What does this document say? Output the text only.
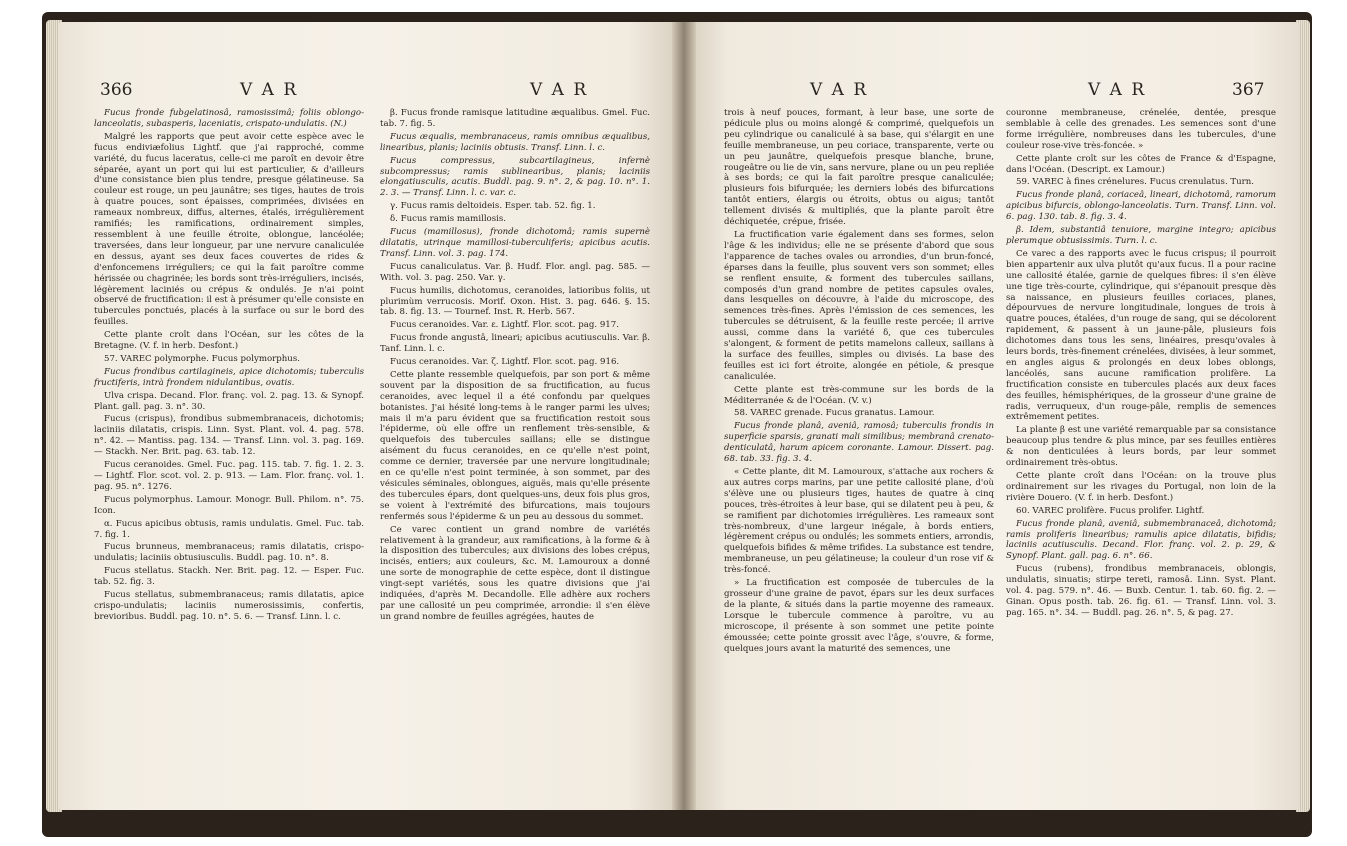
366	V A R	V A R

Fucus fronde fubgelatinosâ, ramosissimâ; foliis oblongo-lanceolatis, subasperis, laceniatis, crispato-undulatis. (N.)

Malgré les rapports que peut avoir cette espèce avec le fucus endiviæfolius Lightf. que j'ai rapproché, comme variété, du fucus laceratus, celle-ci me paroît en devoir être séparée, ayant un port qui lui est particulier, & d'ailleurs d'une consistance bien plus tendre, presque gélatineuse. Sa couleur est rouge, un peu jaunâtre; ses tiges, hautes de trois à quatre pouces, sont épaisses, comprimées, divisées en rameaux nombreux, diffus, alternes, étalés, irrégulièrement ramifiés; les ramifications, ordinairement simples, ressemblent à une feuille étroite, oblongue, lancéolée; traversées, dans leur longueur, par une nervure canaliculée en dessus, ayant ses deux faces couvertes de rides & d'enfoncemens irréguliers; ce qui la fait paroître comme hérissée ou chagrinée; les bords sont très-irréguliers, incisés, légèrement laciniés ou crépus & ondulés. Je n'ai point observé de fructification: il est à présumer qu'elle consiste en tubercules ponctués, placés à la surface ou sur le bord des feuilles.

Cette plante croît dans l'Océan, sur les côtes de la Bretagne. (V. f. in herb. Desfont.)

57. VAREC polymorphe. Fucus polymorphus.

Fucus frondibus cartilagineis, apice dichotomis; tuberculis fructiferis, intrà frondem nidulantibus, ovatis.

Ulva crispa. Decand. Flor. franç. vol. 2. pag. 13. & Synopf. Plant. gall. pag. 3. n°. 30.

Fucus (crispus), frondibus submembranaceis, dichotomis; laciniis dilatatis, crispis. Linn. Syst. Plant. vol. 4. pag. 578. n°. 42. — Mantiss. pag. 134. — Transf. Linn. vol. 3. pag. 169. — Stackh. Ner. Brit. pag. 63. tab. 12.

Fucus ceranoides. Gmel. Fuc. pag. 115. tab. 7. fig. 1. 2. 3. — Lightf. Flor. scot. vol. 2. p. 913. — Lam. Flor. franç. vol. 1. pag. 95. n°. 1276.

Fucus polymorphus. Lamour. Monogr. Bull. Philom. n°. 75. Icon.

α. Fucus apicibus obtusis, ramis undulatis. Gmel. Fuc. tab. 7. fig. 1.

Fucus brunneus, membranaceus; ramis dilatatis, crispo-undulatis; laciniis obtusiusculis. Buddl. pag. 10. n°. 8.

Fucus stellatus. Stackh. Ner. Brit. pag. 12. — Esper. Fuc. tab. 52. fig. 3.

Fucus stellatus, submembranaceus; ramis dilatatis, apice crispo-undulatis; laciniis numerosissimis, confertis, brevioribus. Buddl. pag. 10. n°. 5. 6. — Transf. Linn. l. c.

β. Fucus fronde ramisque latitudine æqualibus. Gmel. Fuc. tab. 7. fig. 5.

Fucus æqualis, membranaceus, ramis omnibus æqualibus, linearibus, planis; laciniis obtusis. Transf. Linn. l. c.

Fucus compressus, subcartilagineus, infernè subcompressus; ramis sublinearibus, planis; laciniis elongatiusculis, acutis. Buddl. pag. 9. n°. 2, & pag. 10. n°. 1. 2. 3. — Transf. Linn. l. c. var. c.

γ. Fucus ramis deltoideis. Esper. tab. 52. fig. 1.

δ. Fucus ramis mamillosis.

Fucus (mamillosus), fronde dichotomâ; ramis supernè dilatatis, utrinque mamillosi-tuberculiferis; apicibus acutis. Transf. Linn. vol. 3. pag. 174.

Fucus canaliculatus. Var. β. Hudf. Flor. angl. pag. 585. — With. vol. 3. pag. 250. Var. γ.

Fucus humilis, dichotomus, ceranoides, latioribus foliis, ut plurimùm verrucosis. Morif. Oxon. Hist. 3. pag. 646. §. 15. tab. 8. fig. 13. — Tournef. Inst. R. Herb. 567.

Fucus ceranoides. Var. ε. Lightf. Flor. scot. pag. 917.

Fucus fronde angustâ, lineari; apicibus acutiusculis. Var. β. Tanf. Linn. l. c.

Fucus ceranoides. Var. ζ. Lightf. Flor. scot. pag. 916.

Cette plante ressemble quelquefois, par son port & même souvent par la disposition de sa fructification, au fucus ceranoides, avec lequel il a été confondu par quelques botanistes. J'ai hésité long-tems à le ranger parmi les ulves; mais il m'a paru évident que sa fructification restoit sous l'épiderme, où elle offre un renflement très-sensible, & quelquefois des tubercules saillans; elle se distingue aisément du fucus ceranoides, en ce qu'elle n'est point, comme ce dernier, traversée par une nervure longitudinale; en ce qu'elle n'est point terminée, à son sommet, par des vésicules séminales, oblongues, aiguës, mais qu'elle présente des tubercules épars, dont quelques-uns, deux fois plus gros, se voient à l'extrémité des bifurcations, mais toujours renfermés sous l'épiderme & un peu au dessous du sommet.

Ce varec contient un grand nombre de variétés relativement à la grandeur, aux ramifications, à la forme & à la disposition des tubercules; aux divisions des lobes crépus, incisés, entiers; aux couleurs, &c. M. Lamouroux a donné une sorte de monographie de cette espèce, dont il distingue vingt-sept variétés, sous les quatre divisions que j'ai indiquées, d'après M. Decandolle. Elle adhère aux rochers par une callosité un peu comprimée, arrondie: il s'en élève un grand nombre de feuilles agrégées, hautes de

V A R	V A R	367

trois à neuf pouces, formant, à leur base, une sorte de pédicule plus ou moins alongé & comprimé, quelquefois un peu cylindrique ou canaliculé à sa base, qui s'élargit en une feuille membraneuse, un peu coriace, transparente, verte ou un peu jaunâtre, quelquefois presque blanche, brune, rougeâtre ou lie de vin, sans nervure, plane ou un peu repliée à ses bords; ce qui la fait paroître presque canaliculée; plusieurs fois bifurquée; les derniers lobés des bifurcations tantôt entiers, élargis ou étroits, obtus ou aigus; tantôt tellement divisés & multipliés, que la plante paroît être déchiquetée, crépue, frisée.

La fructification varie également dans ses formes, selon l'âge & les individus; elle ne se présente d'abord que sous l'apparence de taches ovales ou arrondies, d'un brun-foncé, éparses dans la feuille, plus souvent vers son sommet; elles se renflent ensuite, & forment des tubercules saillans, composés d'un grand nombre de petites capsules ovales, dans lesquelles on découvre, à l'aide du microscope, des semences très-fines. Après l'émission de ces semences, les tubercules se détruisent, & la feuille reste percée; il arrive aussi, comme dans la variété δ, que ces tubercules s'alongent, & forment de petits mamelons calleux, saillans à la surface des feuilles, simples ou divisés. La base des feuilles est ici fort étroite, alongée en pétiole, & presque canaliculée.

Cette plante est très-commune sur les bords de la Méditerranée & de l'Océan. (V. v.)

58. VAREC grenade. Fucus granatus. Lamour.

Fucus fronde planâ, aveniâ, ramosâ; tuberculis frondis in superficie sparsis, granati mali similibus; membranâ crenato-denticulatâ, harum apicem coronante. Lamour. Dissert. pag. 68. tab. 33. fig. 3. 4.

« Cette plante, dit M. Lamouroux, s'attache aux rochers & aux autres corps marins, par une petite callosité plane, d'où s'élève une ou plusieurs tiges, hautes de quatre à cinq pouces, très-étroites à leur base, qui se dilatent peu à peu, & se ramifient par dichotomies irrégulières. Les rameaux sont très-nombreux, d'une largeur inégale, à bords entiers, légèrement crépus ou ondulés; les sommets entiers, arrondis, quelquefois bifides & même trifides. La substance est tendre, membraneuse, un peu gélatineuse; la couleur d'un rose vif & très-foncé.

» La fructification est composée de tubercules de la grosseur d'une graine de pavot, épars sur les deux surfaces de la plante, & situés dans la partie moyenne des rameaux. Lorsque le tubercule commence à paroître, vu au microscope, il présente à son sommet une petite pointe émoussée; cette pointe grossit avec l'âge, s'ouvre, & forme, quelques jours avant la maturité des semences, une

couronne membraneuse, crénelée, dentée, presque semblable à celle des grenades. Les semences sont d'une forme irrégulière, nombreuses dans les tubercules, d'une couleur rose-vive très-foncée. »

Cette plante croît sur les côtes de France & d'Espagne, dans l'Océan. (Descript. ex Lamour.)

59. VAREC à fines crénelures. Fucus crenulatus. Turn.

Fucus fronde planâ, coriaceâ, lineari, dichotomâ, ramorum apicibus bifurcis, oblongo-lanceolatis. Turn. Transf. Linn. vol. 6. pag. 130. tab. 8. fig. 3. 4.

β. Idem, substantiâ tenuiore, margine integro; apicibus plerumque obtusissimis. Turn. l. c.

Ce varec a des rapports avec le fucus crispus; il pourroit bien appartenir aux ulva plutôt qu'aux fucus. Il a pour racine une callosité étalée, garnie de quelques fibres: il s'en élève une tige très-courte, cylindrique, qui s'épanouit presque dès sa naissance, en plusieurs feuilles coriaces, planes, dépourvues de nervure longitudinale, longues de trois à quatre pouces, étalées, d'un rouge de sang, qui se décolorent rapidement, & passent à un jaune-pâle, plusieurs fois dichotomes dans tous les sens, linéaires, presqu'ovales à leurs bords, très-finement crénelées, divisées, à leur sommet, en angles aigus & prolongés en deux lobes oblongs, lancéolés, sans aucune ramification prolifère. La fructification consiste en tubercules placés aux deux faces des feuilles, hémisphériques, de la grosseur d'une graine de radis, verruqueux, d'un rouge-pâle, remplis de semences extrêmement petites.

La plante β est une variété remarquable par sa consistance beaucoup plus tendre & plus mince, par ses feuilles entières & non denticulées à leurs bords, par leur sommet ordinairement très-obtus.

Cette plante croît dans l'Océan: on la trouve plus ordinairement sur les rivages du Portugal, non loin de la rivière Douero. (V. f. in herb. Desfont.)

60. VAREC prolifère. Fucus prolifer. Lightf.

Fucus fronde planâ, aveniâ, submembranaceâ, dichotomâ; ramis proliferis linearibus; ramulis apice dilatatis, bifidis; laciniis acutiusculis. Decand. Flor. franç. vol. 2. p. 29, & Synopf. Plant. gall. pag. 6. n°. 66.

Fucus (rubens), frondibus membranaceis, oblongis, undulatis, sinuatis; stirpe tereti, ramosâ. Linn. Syst. Plant. vol. 4. pag. 579. n°. 46. — Buxb. Centur. 1. tab. 60. fig. 2. — Ginan. Opus posth. tab. 26. fig. 61. — Transf. Linn. vol. 3. pag. 165. n°. 34. — Buddl. pag. 26. n°. 5, & pag. 27.
